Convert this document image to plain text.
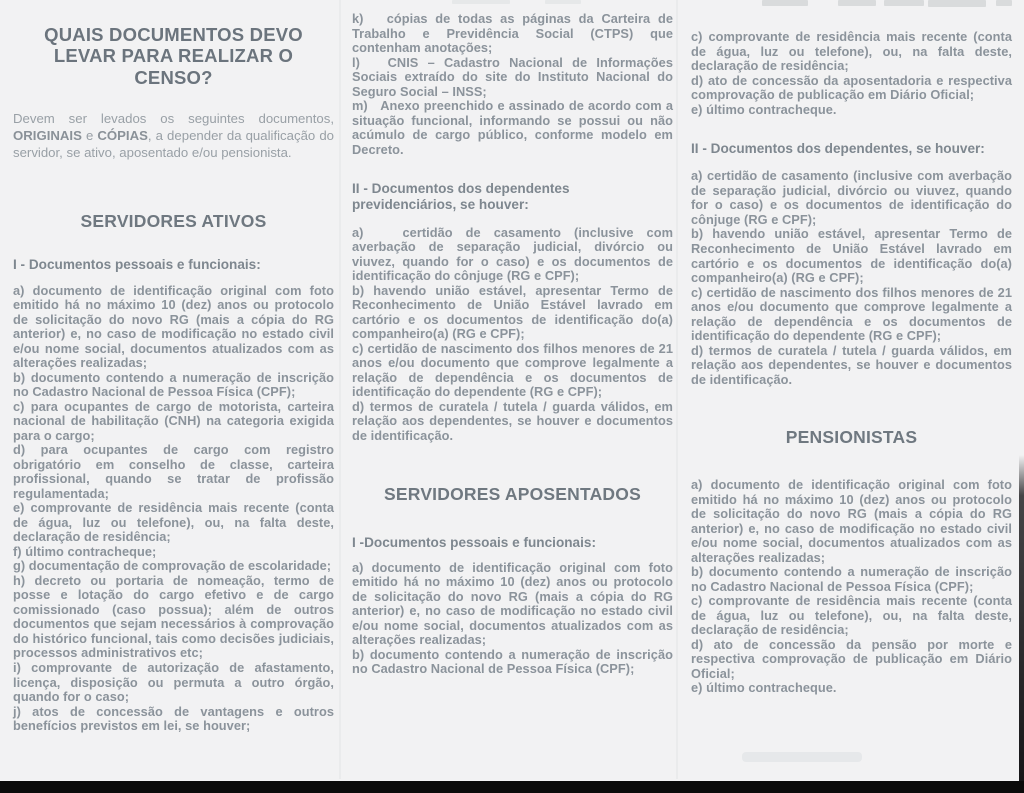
QUAIS DOCUMENTOS DEVO LEVAR PARA REALIZAR O CENSO?

Devem ser levados os seguintes documentos, ORIGINAIS e CÓPIAS, a depender da qualificação do servidor, se ativo, aposentado e/ou pensionista.

SERVIDORES ATIVOS

I - Documentos pessoais e funcionais:

a) documento de identificação original com foto emitido há no máximo 10 (dez) anos ou protocolo de solicitação do novo RG (mais a cópia do RG anterior) e, no caso de modificação no estado civil e/ou nome social, documentos atualizados com as alterações realizadas;

b) documento contendo a numeração de inscrição no Cadastro Nacional de Pessoa Física (CPF);

c) para ocupantes de cargo de motorista, carteira nacional de habilitação (CNH) na categoria exigida para o cargo;

d) para ocupantes de cargo com registro obrigatório em conselho de classe, carteira profissional, quando se tratar de profissão regulamentada;

e) comprovante de residência mais recente (conta de água, luz ou telefone), ou, na falta deste, declaração de residência;

f) último contracheque;

g) documentação de comprovação de escolaridade;

h) decreto ou portaria de nomeação, termo de posse e lotação do cargo efetivo e de cargo comissionado (caso possua); além de outros documentos que sejam necessários à comprovação do histórico funcional, tais como decisões judiciais, processos administrativos etc;

i) comprovante de autorização de afastamento, licença, disposição ou permuta a outro órgão, quando for o caso;

j) atos de concessão de vantagens e outros benefícios previstos em lei, se houver;

k)   cópias de todas as páginas da Carteira de Trabalho e Previdência Social (CTPS) que contenham anotações;

l)   CNIS – Cadastro Nacional de Informações Sociais extraído do site do Instituto Nacional do Seguro Social – INSS;

m)   Anexo preenchido e assinado de acordo com a situação funcional, informando se possui ou não acúmulo de cargo público, conforme modelo em Decreto.

II - Documentos dos dependentes previdenciários, se houver:

a)   certidão de casamento (inclusive com averbação de separação judicial, divórcio ou viuvez, quando for o caso) e os documentos de identificação do cônjuge (RG e CPF);

b) havendo união estável, apresentar Termo de Reconhecimento de União Estável lavrado em cartório e os documentos de identificação do(a) companheiro(a) (RG e CPF);

c) certidão de nascimento dos filhos menores de 21 anos e/ou documento que comprove legalmente a relação de dependência e os documentos de identificação do dependente (RG e CPF);

d) termos de curatela / tutela / guarda válidos, em relação aos dependentes, se houver e documentos de identificação.

SERVIDORES APOSENTADOS

I -Documentos pessoais e funcionais:

a) documento de identificação original com foto emitido há no máximo 10 (dez) anos ou protocolo de solicitação do novo RG (mais a cópia do RG anterior) e, no caso de modificação no estado civil e/ou nome social, documentos atualizados com as alterações realizadas;

b) documento contendo a numeração de inscrição no Cadastro Nacional de Pessoa Física (CPF);

c) comprovante de residência mais recente (conta de água, luz ou telefone), ou, na falta deste, declaração de residência;

d) ato de concessão da aposentadoria e respectiva comprovação de publicação em Diário Oficial;

e) último contracheque.

II - Documentos dos dependentes, se houver:

a) certidão de casamento (inclusive com averbação de separação judicial, divórcio ou viuvez, quando for o caso) e os documentos de identificação do cônjuge (RG e CPF);

b) havendo união estável, apresentar Termo de Reconhecimento de União Estável lavrado em cartório e os documentos de identificação do(a) companheiro(a) (RG e CPF);

c) certidão de nascimento dos filhos menores de 21 anos e/ou documento que comprove legalmente a relação de dependência e os documentos de identificação do dependente (RG e CPF);

d) termos de curatela / tutela / guarda válidos, em relação aos dependentes, se houver e documentos de identificação.

PENSIONISTAS

a) documento de identificação original com foto emitido há no máximo 10 (dez) anos ou protocolo de solicitação do novo RG (mais a cópia do RG anterior) e, no caso de modificação no estado civil e/ou nome social, documentos atualizados com as alterações realizadas;

b) documento contendo a numeração de inscrição no Cadastro Nacional de Pessoa Física (CPF);

c) comprovante de residência mais recente (conta de água, luz ou telefone), ou, na falta deste, declaração de residência;

d) ato de concessão da pensão por morte e respectiva comprovação de publicação em Diário Oficial;

e) último contracheque.
